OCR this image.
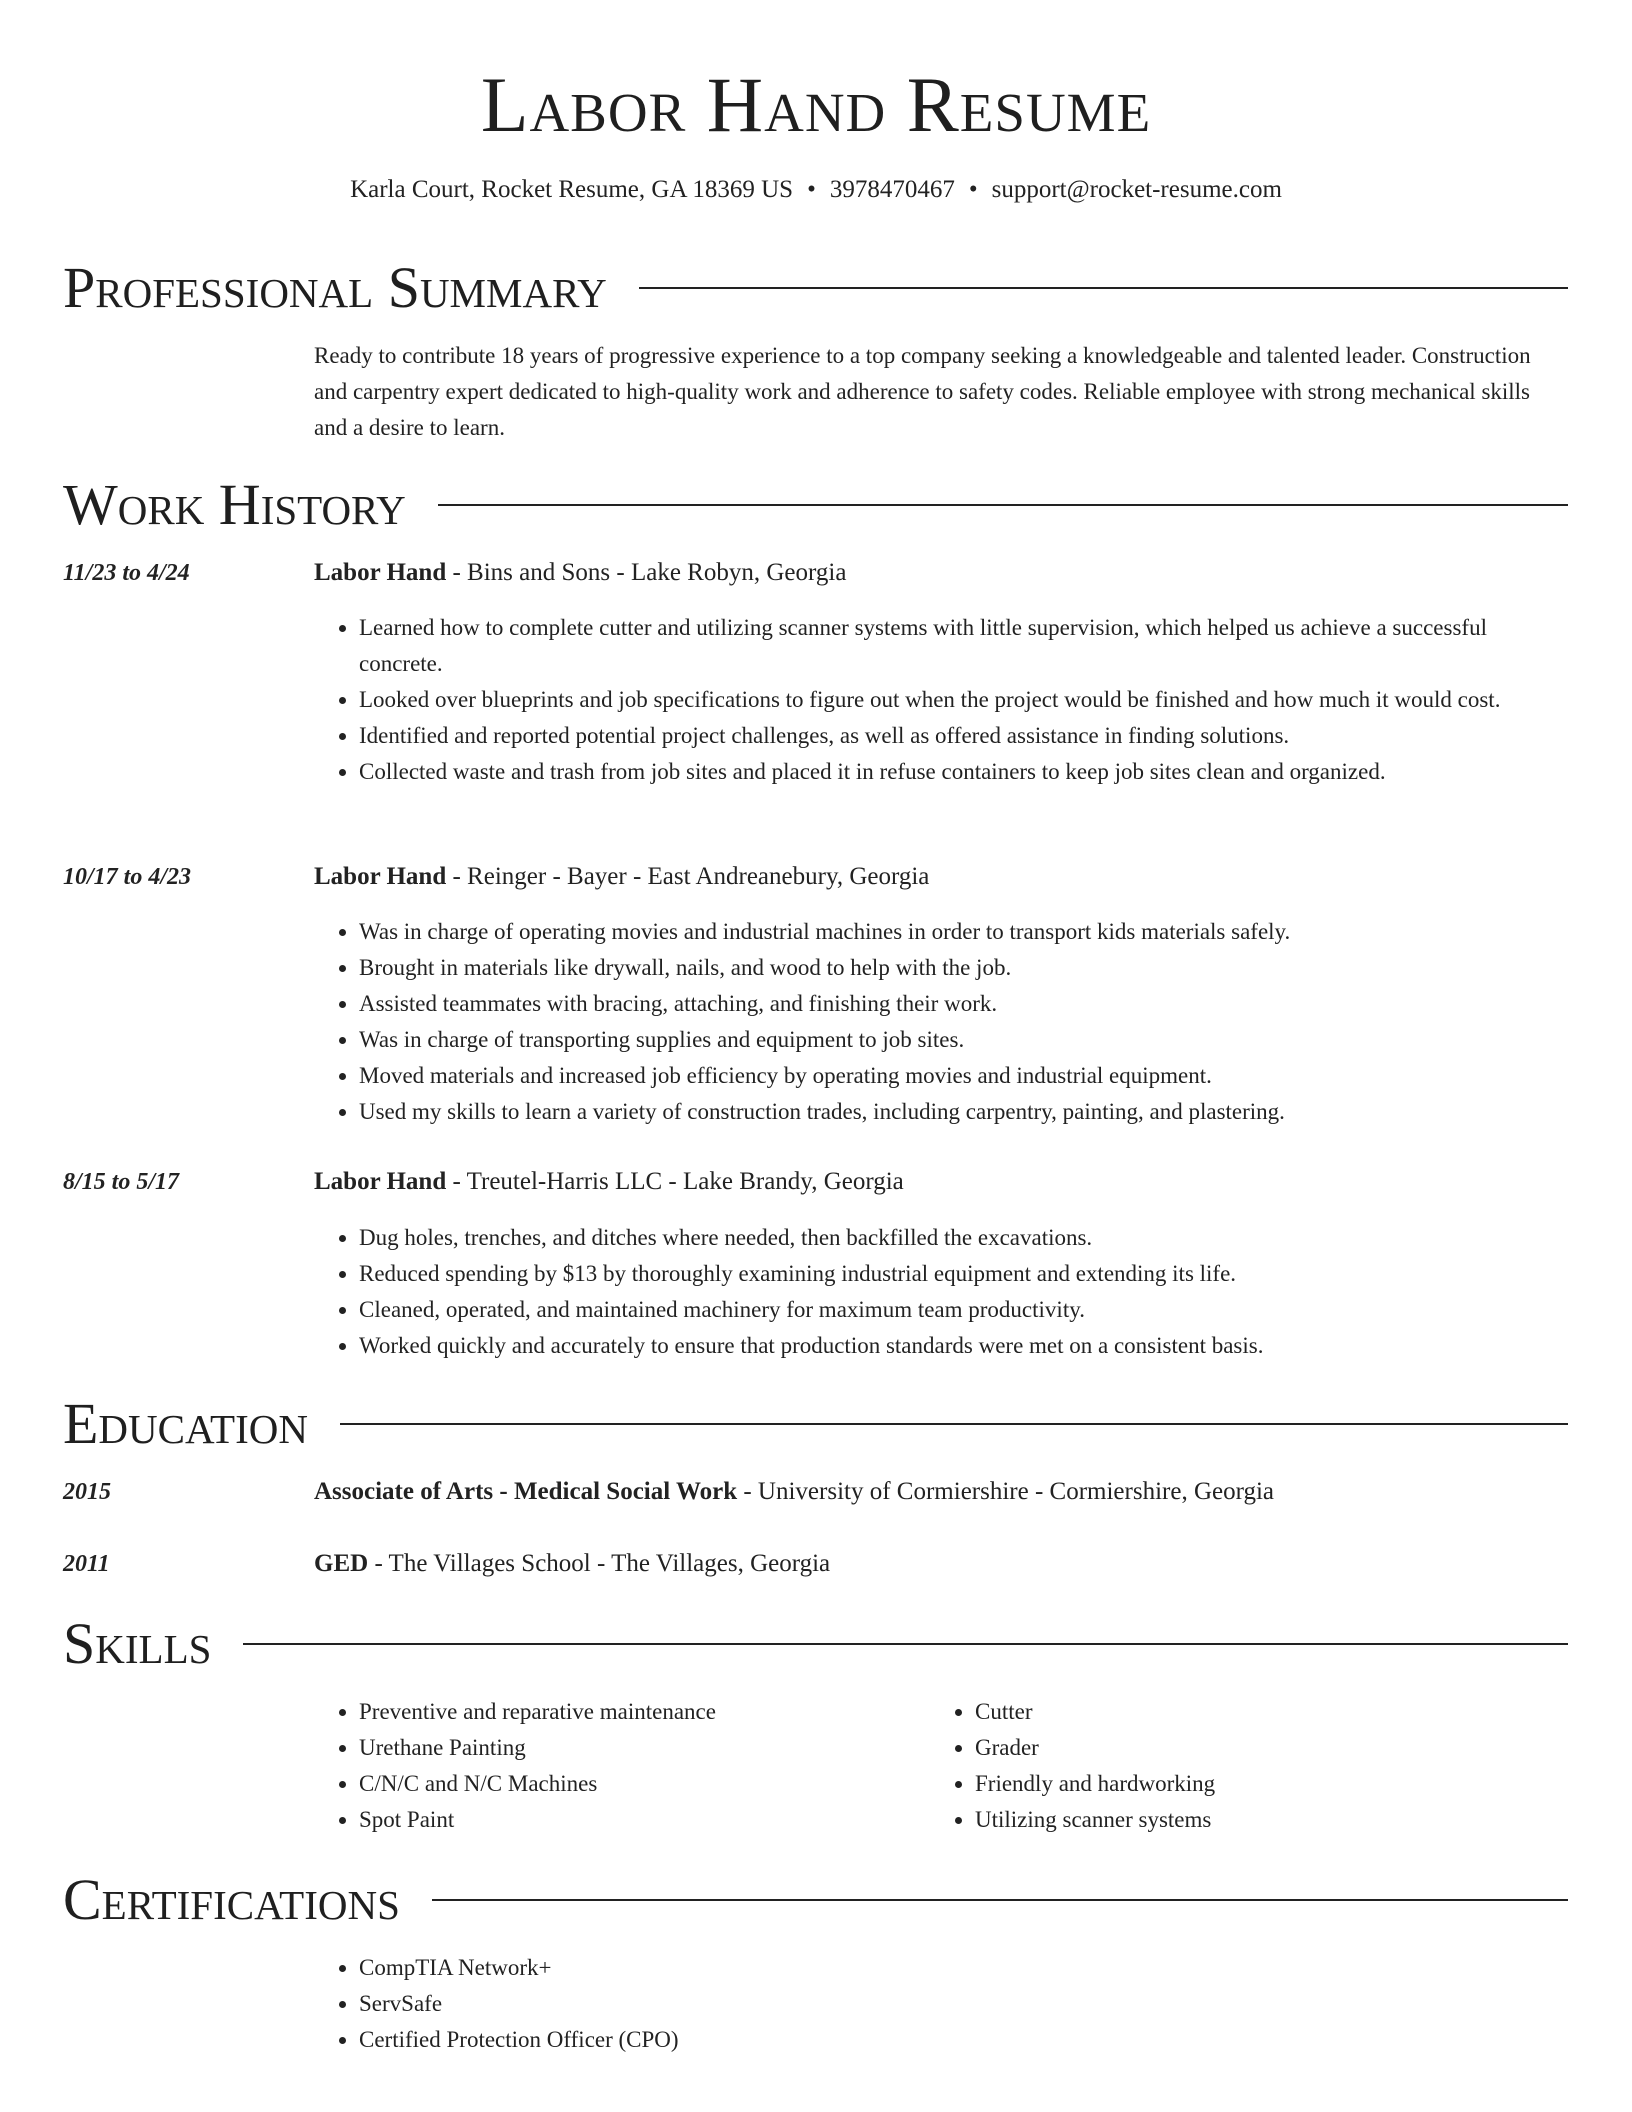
Labor Hand Resume
Karla Court, Rocket Resume, GA 18369 US • 3978470467 • support@rocket-resume.com
Professional Summary

Ready to contribute 18 years of progressive experience to a top company seeking a knowledgeable and talented leader. Construction and carpentry expert dedicated to high-quality work and adherence to safety codes. Reliable employee with strong mechanical skills and a desire to learn.

Work History
11/23 to 4/24	Labor Hand - Bins and Sons - Lake Robyn, Georgia
• Learned how to complete cutter and utilizing scanner systems with little supervision, which helped us achieve a successful concrete.
• Looked over blueprints and job specifications to figure out when the project would be finished and how much it would cost.
• Identified and reported potential project challenges, as well as offered assistance in finding solutions.
• Collected waste and trash from job sites and placed it in refuse containers to keep job sites clean and organized.
10/17 to 4/23	Labor Hand - Reinger - Bayer - East Andreanebury, Georgia
• Was in charge of operating movies and industrial machines in order to transport kids materials safely.
• Brought in materials like drywall, nails, and wood to help with the job.
• Assisted teammates with bracing, attaching, and finishing their work.
• Was in charge of transporting supplies and equipment to job sites.
• Moved materials and increased job efficiency by operating movies and industrial equipment.
• Used my skills to learn a variety of construction trades, including carpentry, painting, and plastering.
8/15 to 5/17	Labor Hand - Treutel-Harris LLC - Lake Brandy, Georgia
• Dug holes, trenches, and ditches where needed, then backfilled the excavations.
• Reduced spending by $13 by thoroughly examining industrial equipment and extending its life.
• Cleaned, operated, and maintained machinery for maximum team productivity.
• Worked quickly and accurately to ensure that production standards were met on a consistent basis.
Education
2015	Associate of Arts - Medical Social Work - University of Cormiershire - Cormiershire, Georgia
2011	GED - The Villages School - The Villages, Georgia
Skills
• Preventive and reparative maintenance
• Urethane Painting
• C/N/C and N/C Machines
• Spot Paint
• Cutter
• Grader
• Friendly and hardworking
• Utilizing scanner systems
Certifications
• CompTIA Network+
• ServSafe
• Certified Protection Officer (CPO)
